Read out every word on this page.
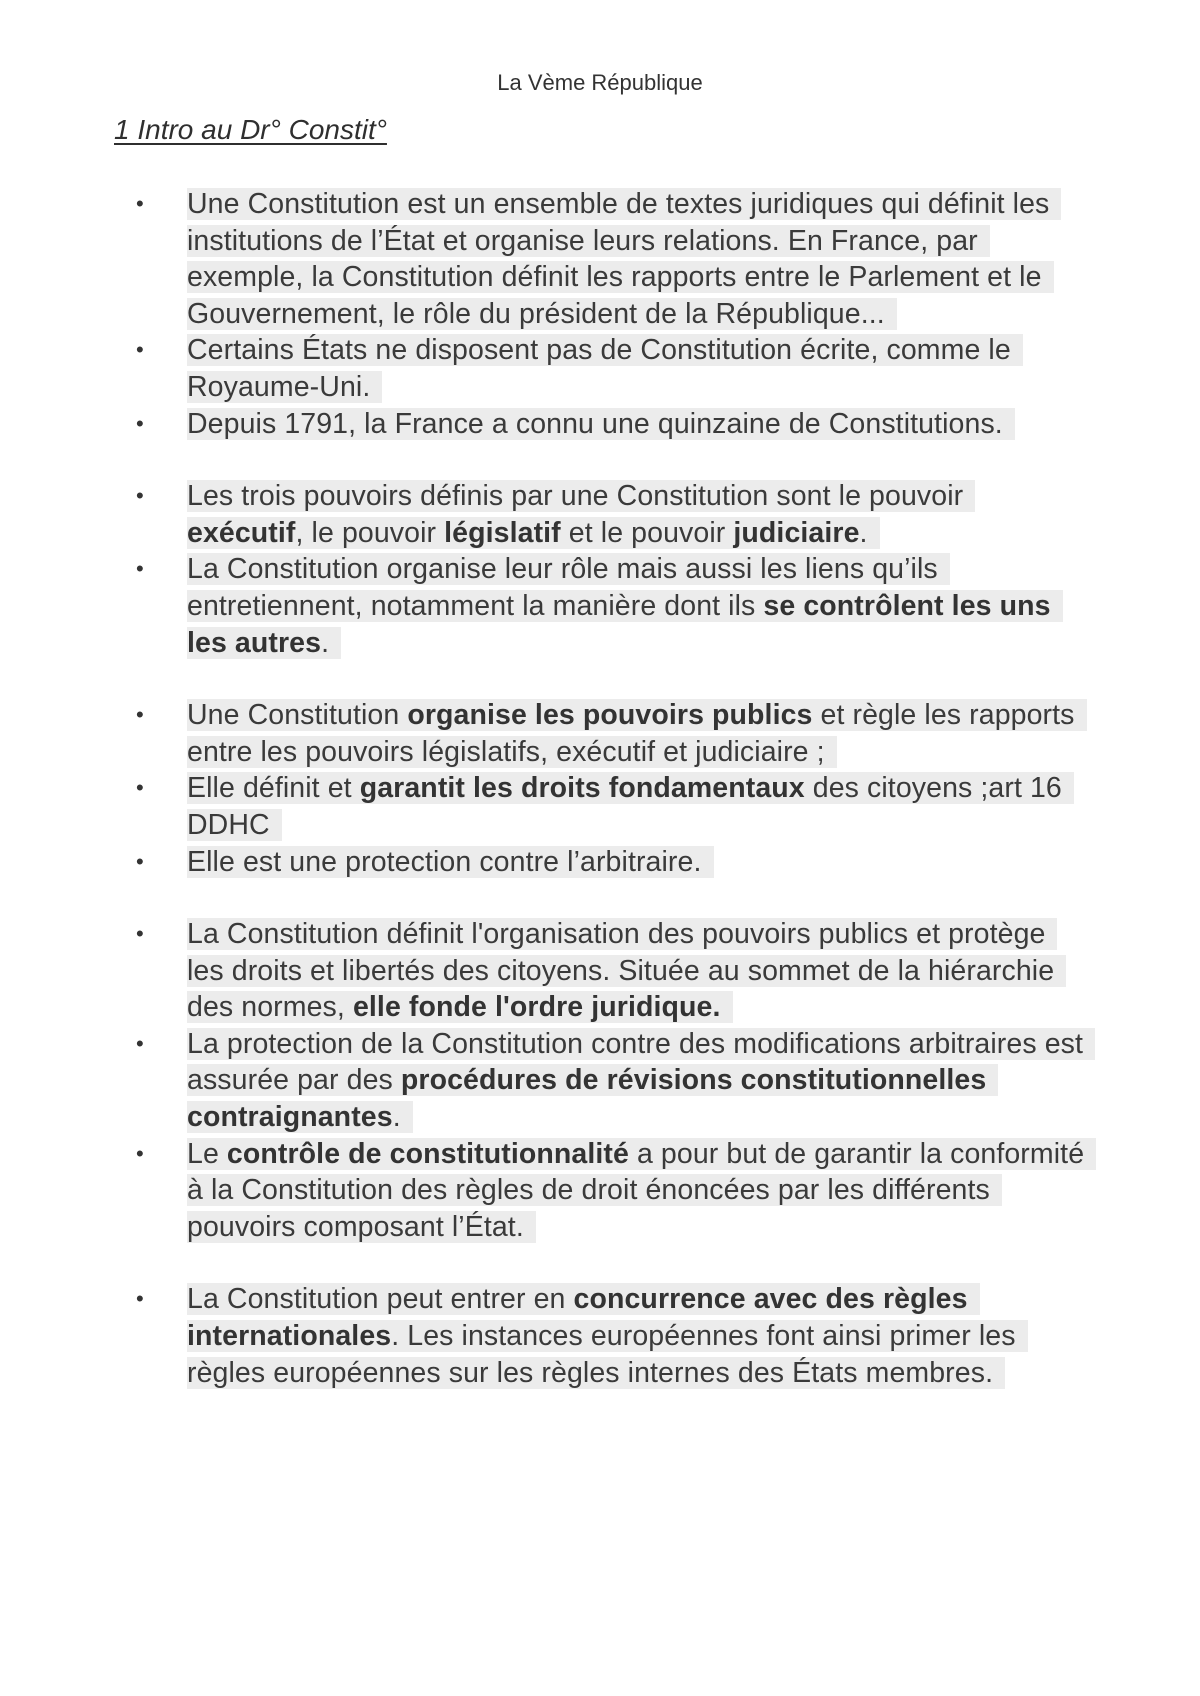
La Vème République
1 Intro au Dr° Constit°
• Une Constitution est un ensemble de textes juridiques qui définit les institutions de l’État et organise leurs relations. En France, par exemple, la Constitution définit les rapports entre le Parlement et le Gouvernement, le rôle du président de la République...
• Certains États ne disposent pas de Constitution écrite, comme le Royaume-Uni.
• Depuis 1791, la France a connu une quinzaine de Constitutions.
• Les trois pouvoirs définis par une Constitution sont le pouvoir exécutif, le pouvoir législatif et le pouvoir judiciaire.
• La Constitution organise leur rôle mais aussi les liens qu’ils entretiennent, notamment la manière dont ils se contrôlent les uns les autres.
• Une Constitution organise les pouvoirs publics et règle les rapports entre les pouvoirs législatifs, exécutif et judiciaire ;
• Elle définit et garantit les droits fondamentaux des citoyens ;art 16 DDHC
• Elle est une protection contre l’arbitraire.
• La Constitution définit l'organisation des pouvoirs publics et protège les droits et libertés des citoyens. Située au sommet de la hiérarchie des normes, elle fonde l'ordre juridique.
• La protection de la Constitution contre des modifications arbitraires est assurée par des procédures de révisions constitutionnelles contraignantes.
• Le contrôle de constitutionnalité a pour but de garantir la conformité à la Constitution des règles de droit énoncées par les différents pouvoirs composant l’État.
• La Constitution peut entrer en concurrence avec des règles internationales. Les instances européennes font ainsi primer les règles européennes sur les règles internes des États membres.
